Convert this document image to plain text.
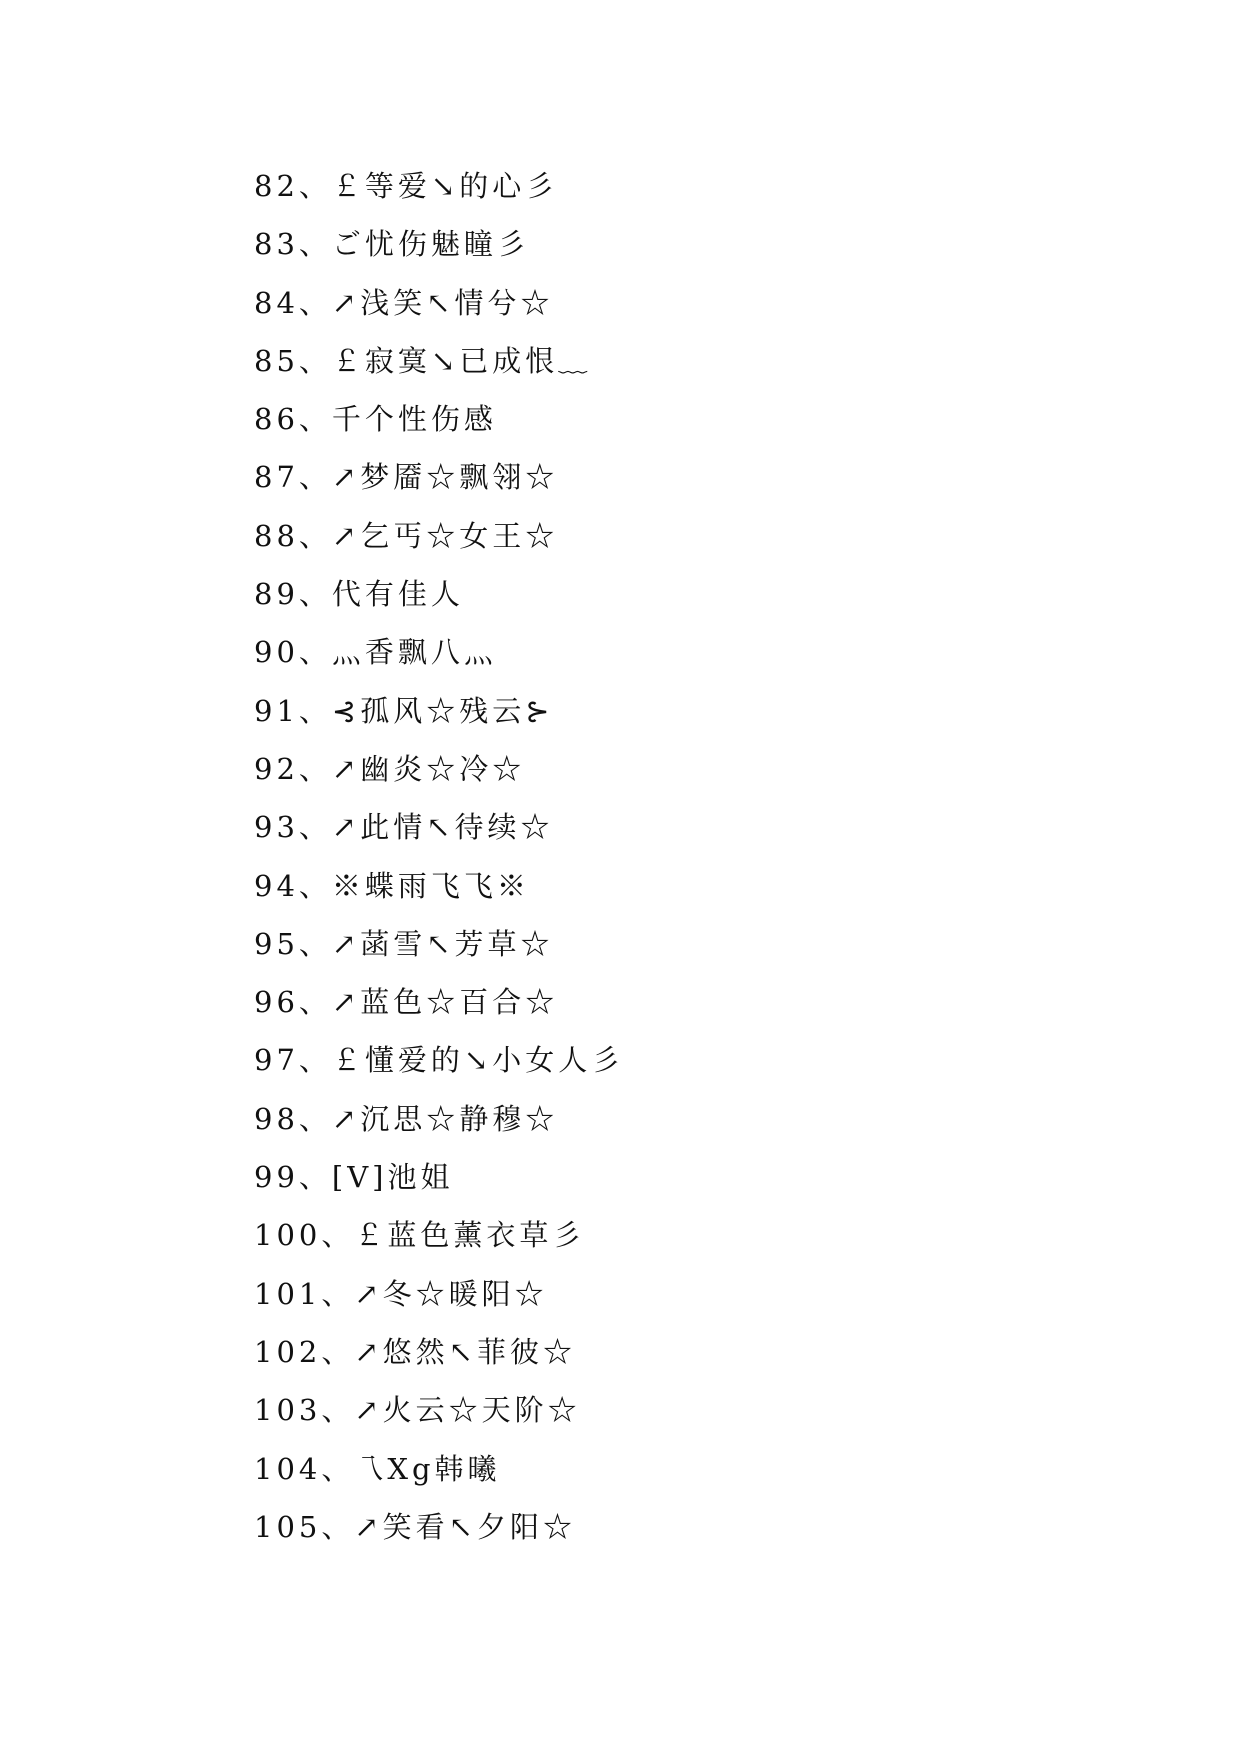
82、￡等爱↘的心彡
83、ご忧伤魅瞳彡
84、↗浅笑↖情兮☆
85、￡寂寞↘已成恨﹏
86、千个性伤感
87、↗梦靥☆飘翎☆
88、↗乞丐☆女王☆
89、代有佳人
90、灬香飘八灬
91、⊰孤风☆残云⊱
92、↗幽炎☆冷☆
93、↗此情↖待续☆
94、※蝶雨飞飞※
95、↗菡雪↖芳草☆
96、↗蓝色☆百合☆
97、￡懂爱的↘小女人彡
98、↗沉思☆静穆☆
99、[V]池姐
100、￡蓝色薰衣草彡
101、↗冬☆暖阳☆
102、↗悠然↖菲彼☆
103、↗火云☆天阶☆
104、乁Xg韩曦
105、↗笑看↖夕阳☆
